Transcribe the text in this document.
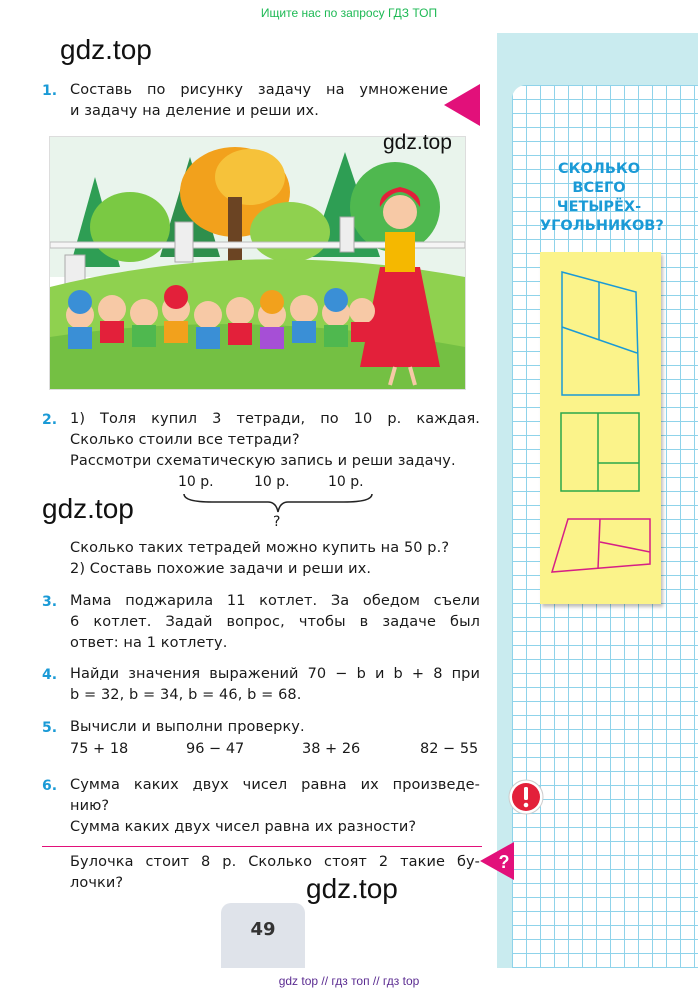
Ищите нас по запросу ГДЗ ТОП
gdz.top
1. Составь по рисунку задачу на умножение
и задачу на деление и реши их.
gdz.top
2. 1) Толя купил 3 тетради, по 10 р. каждая.
Сколько стоили все тетради?
Рассмотри схематическую запись и реши задачу.
10 р.	10 р.	10 р.
?
gdz.top
Сколько таких тетрадей можно купить на 50 р.?
2) Составь похожие задачи и реши их.
3. Мама поджарила 11 котлет. За обедом съели
6 котлет. Задай вопрос, чтобы в задаче был
ответ: на 1 котлету.
4. Найди значения выражений 70 − b и b + 8 при
b = 32, b = 34, b = 46, b = 68.
5. Вычисли и выполни проверку.
75 + 18	96 − 47	38 + 26	82 − 55
6. Сумма каких двух чисел равна их произведе-
нию?
Сумма каких двух чисел равна их разности?
Булочка стоит 8 р. Сколько стоят 2 такие бу-
лочки?
?
gdz.top
49
СКОЛЬКО
ВСЕГО
ЧЕТЫРЁХ-
УГОЛЬНИКОВ?
gdz top // гдз топ // гдз top
